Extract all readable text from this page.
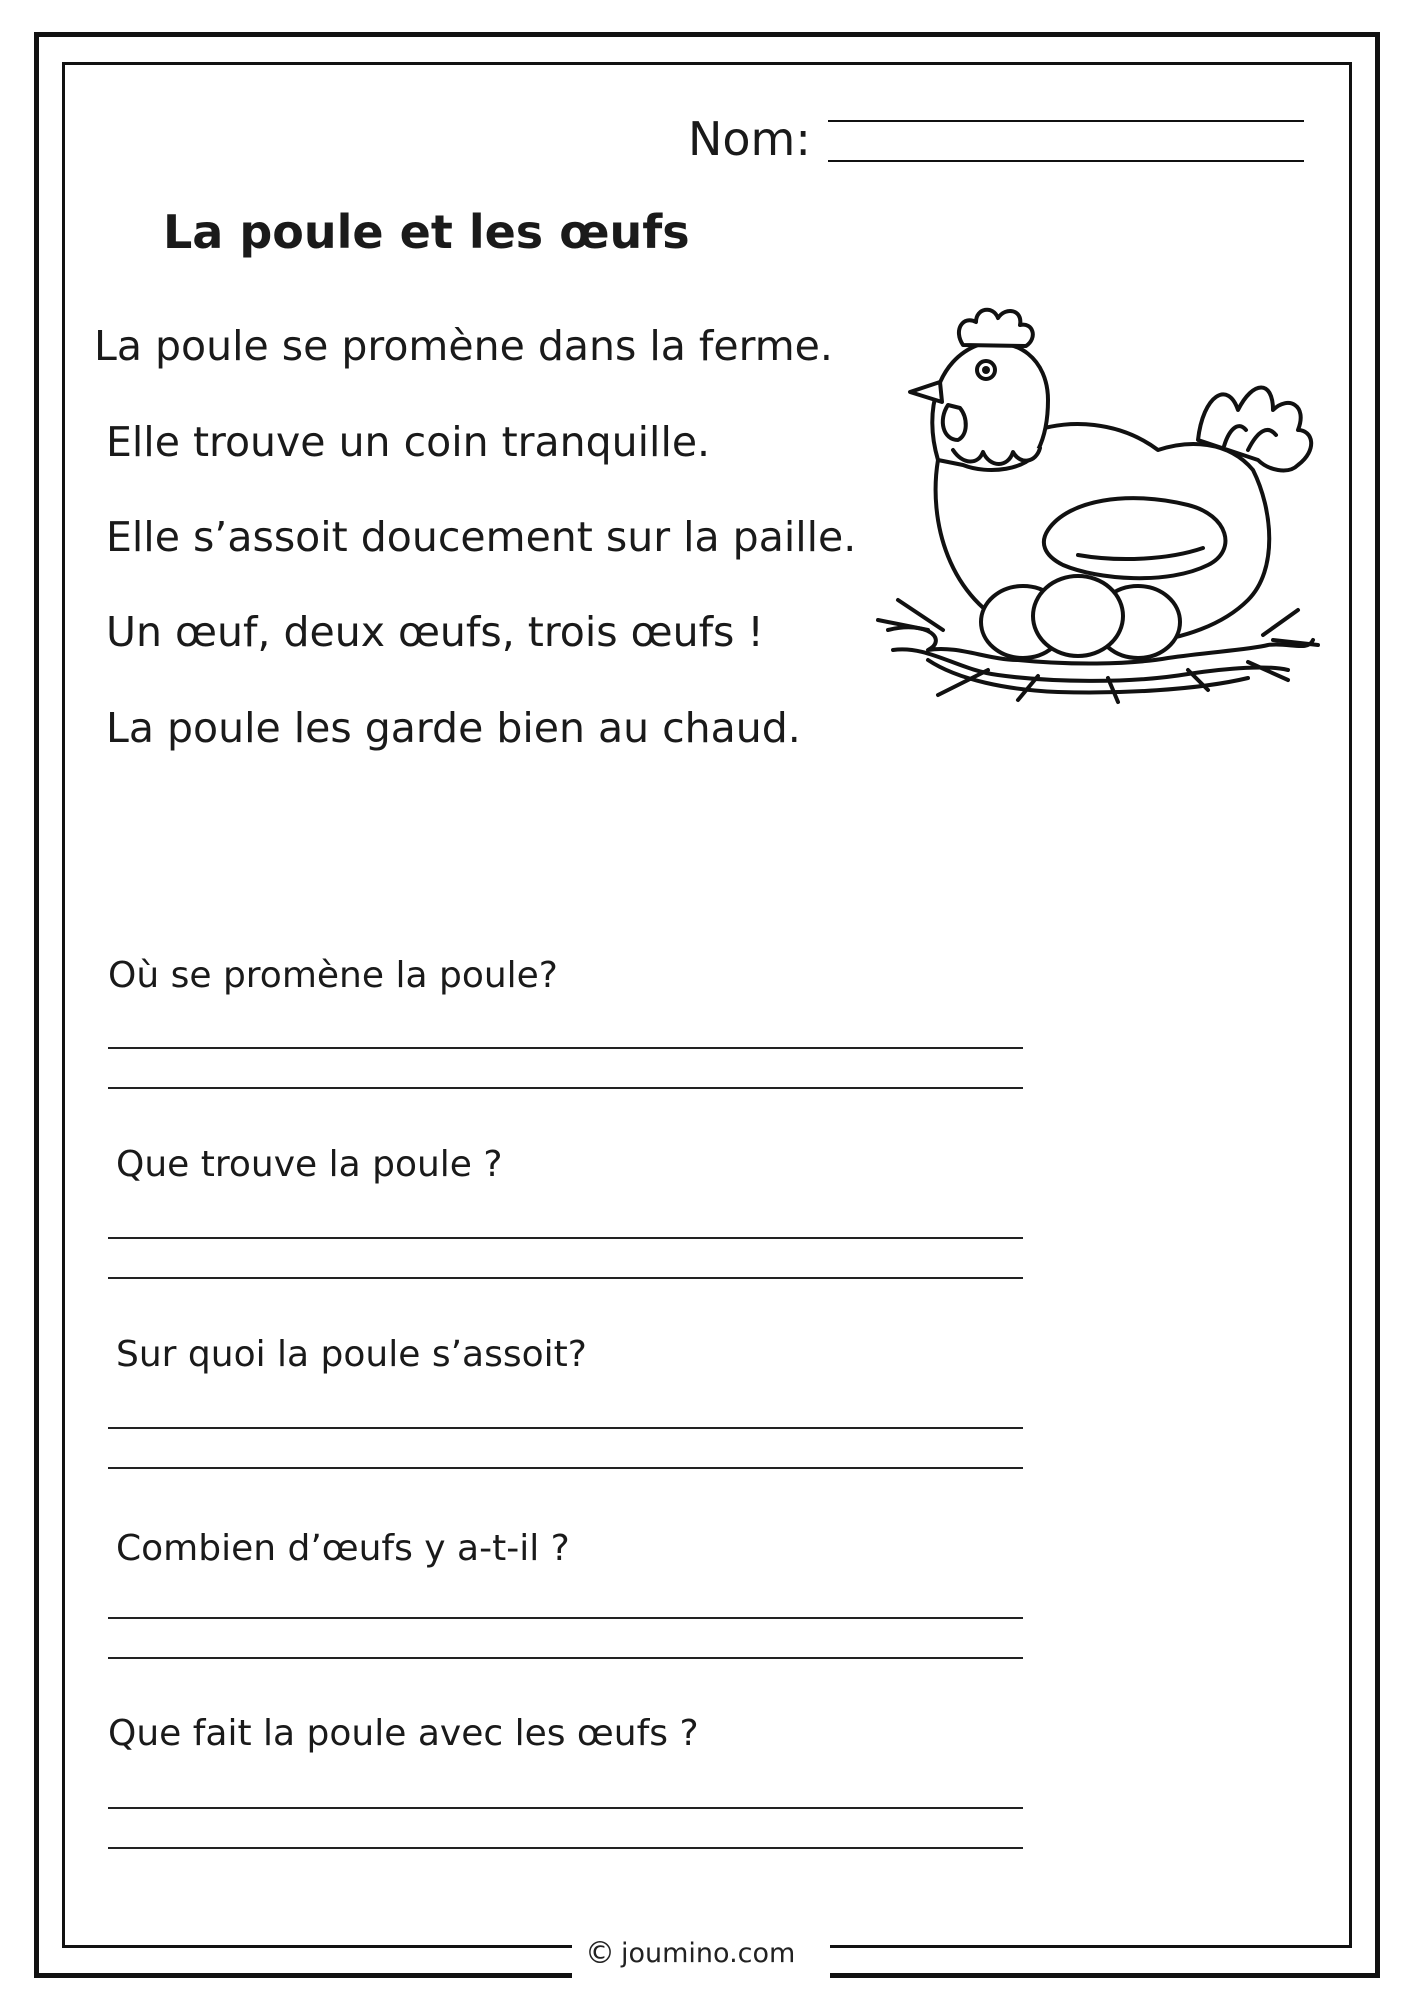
Nom:
La poule et les œufs
La poule se promène dans la ferme.
Elle trouve un coin tranquille.
Elle s’assoit doucement sur la paille.
Un œuf, deux œufs, trois œufs !
La poule les garde bien au chaud.
Où se promène la poule?
Que trouve la poule ?
Sur quoi la poule s’assoit?
Combien d’œufs y a-t-il ?
Que fait la poule avec les œufs ?
© joumino.com
